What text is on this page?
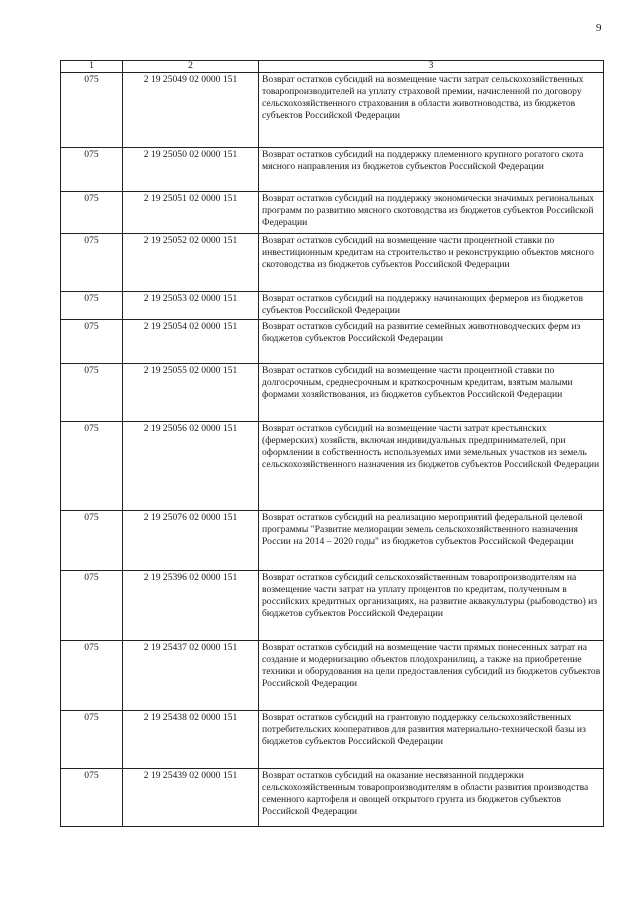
9
1	2	3
075	2 19 25049 02 0000 151	Возврат остатков субсидий на возмещение части затрат сельскохозяйственных товаропроизводителей на уплату страховой премии, начисленной по договору сельскохозяйственного страхования в области животноводства, из бюджетов субъектов Российской Федерации
075	2 19 25050 02 0000 151	Возврат остатков субсидий на поддержку племенного крупного рогатого скота мясного направления из бюджетов субъектов Российской Федерации
075	2 19 25051 02 0000 151	Возврат остатков субсидий на поддержку экономически значимых региональных программ по развитию мясного скотоводства из бюджетов субъектов Российской Федерации
075	2 19 25052 02 0000 151	Возврат остатков субсидий на возмещение части процентной ставки по инвестиционным кредитам на строительство и реконструкцию объектов мясного скотоводства из бюджетов субъектов Российской Федерации
075	2 19 25053 02 0000 151	Возврат остатков субсидий на поддержку начинающих фермеров из бюджетов субъектов Российской Федерации
075	2 19 25054 02 0000 151	Возврат остатков субсидий на развитие семейных животноводческих ферм из бюджетов субъектов Российской Федерации
075	2 19 25055 02 0000 151	Возврат остатков субсидий на возмещение части процентной ставки по долгосрочным, среднесрочным и краткосрочным кредитам, взятым малыми формами хозяйствования, из бюджетов субъектов Российской Федерации
075	2 19 25056 02 0000 151	Возврат остатков субсидий на возмещение части затрат крестьянских (фермерских) хозяйств, включая индивидуальных предпринимателей, при оформлении в собственность используемых ими земельных участков из земель сельскохозяйственного назначения из бюджетов субъектов Российской Федерации
075	2 19 25076 02 0000 151	Возврат остатков субсидий на реализацию мероприятий федеральной целевой программы "Развитие мелиорации земель сельскохозяйственного назначения России на 2014 – 2020 годы" из бюджетов субъектов Российской Федерации
075	2 19 25396 02 0000 151	Возврат остатков субсидий сельскохозяйственным товаропроизводителям на возмещение части затрат на уплату процентов по кредитам, полученным в российских кредитных организациях, на развитие аквакультуры (рыбоводство) из бюджетов субъектов Российской Федерации
075	2 19 25437 02 0000 151	Возврат остатков субсидий на возмещение части прямых понесенных затрат на создание и модернизацию объектов плодохранилищ, а также на приобретение техники и оборудования на цели предоставления субсидий из бюджетов субъектов Российской Федерации
075	2 19 25438 02 0000 151	Возврат остатков субсидий на грантовую поддержку сельскохозяйственных потребительских кооперативов для развития материально-технической базы из бюджетов субъектов Российской Федерации
075	2 19 25439 02 0000 151	Возврат остатков субсидий на оказание несвязанной поддержки сельскохозяйственным товаропроизводителям в области развития производства семенного картофеля и овощей открытого грунта из бюджетов субъектов Российской Федерации
